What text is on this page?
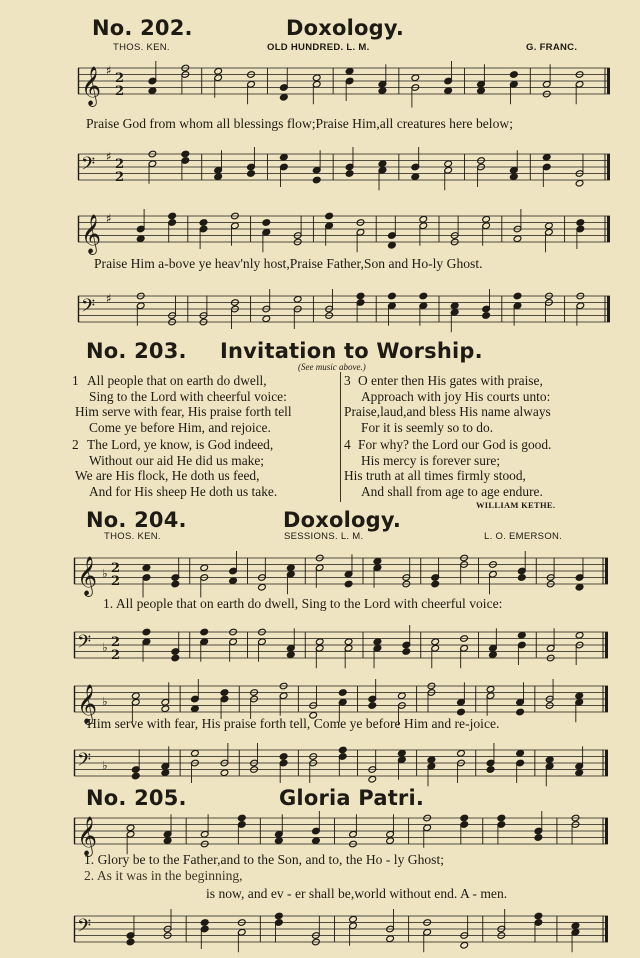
No. 202.	Doxology.
THOS. KEN.	OLD HUNDRED. L. M.	G. FRANC.
𝄞 ♯
2
2
Praise God from whom all blessings flow;Praise Him,all creatures here below;
𝄢 ♯
2
2
𝄞 ♯
Praise Him a-bove ye heav'nly host,Praise Father,Son and Ho-ly Ghost.
𝄢 ♯
No. 203. Invitation to Worship.
(See music above.)
1 All people that on earth do dwell,
Sing to the Lord with cheerful voice:
Him serve with fear, His praise forth tell
Come ye before Him, and rejoice.
2 The Lord, ye know, is God indeed,
Without our aid He did us make;
We are His flock, He doth us feed,
And for His sheep He doth us take.
3 O enter then His gates with praise,
Approach with joy His courts unto:
Praise,laud,and bless His name always
For it is seemly so to do.
4 For why? the Lord our God is good.
His mercy is forever sure;
His truth at all times firmly stood,
And shall from age to age endure.
WILLIAM KETHE.
No. 204.	Doxology.
THOS. KEN.	SESSIONS. L. M.	L. O. EMERSON.
𝄞 ♭ 2
2
1. All people that on earth do dwell, Sing to the Lord with cheerful voice:
𝄢 ♭ 2
2
𝄞 ♭
Him serve with fear, His praise forth tell, Come ye before Him and re-joice.
𝄢 ♭
No. 205.	Gloria Patri.
𝄞
1. Glory be to the Father,and to the Son, and to, the Ho - ly Ghost;
2. As it was in the beginning,
is now, and ev - er shall be,world without end. A - men.
𝄢
